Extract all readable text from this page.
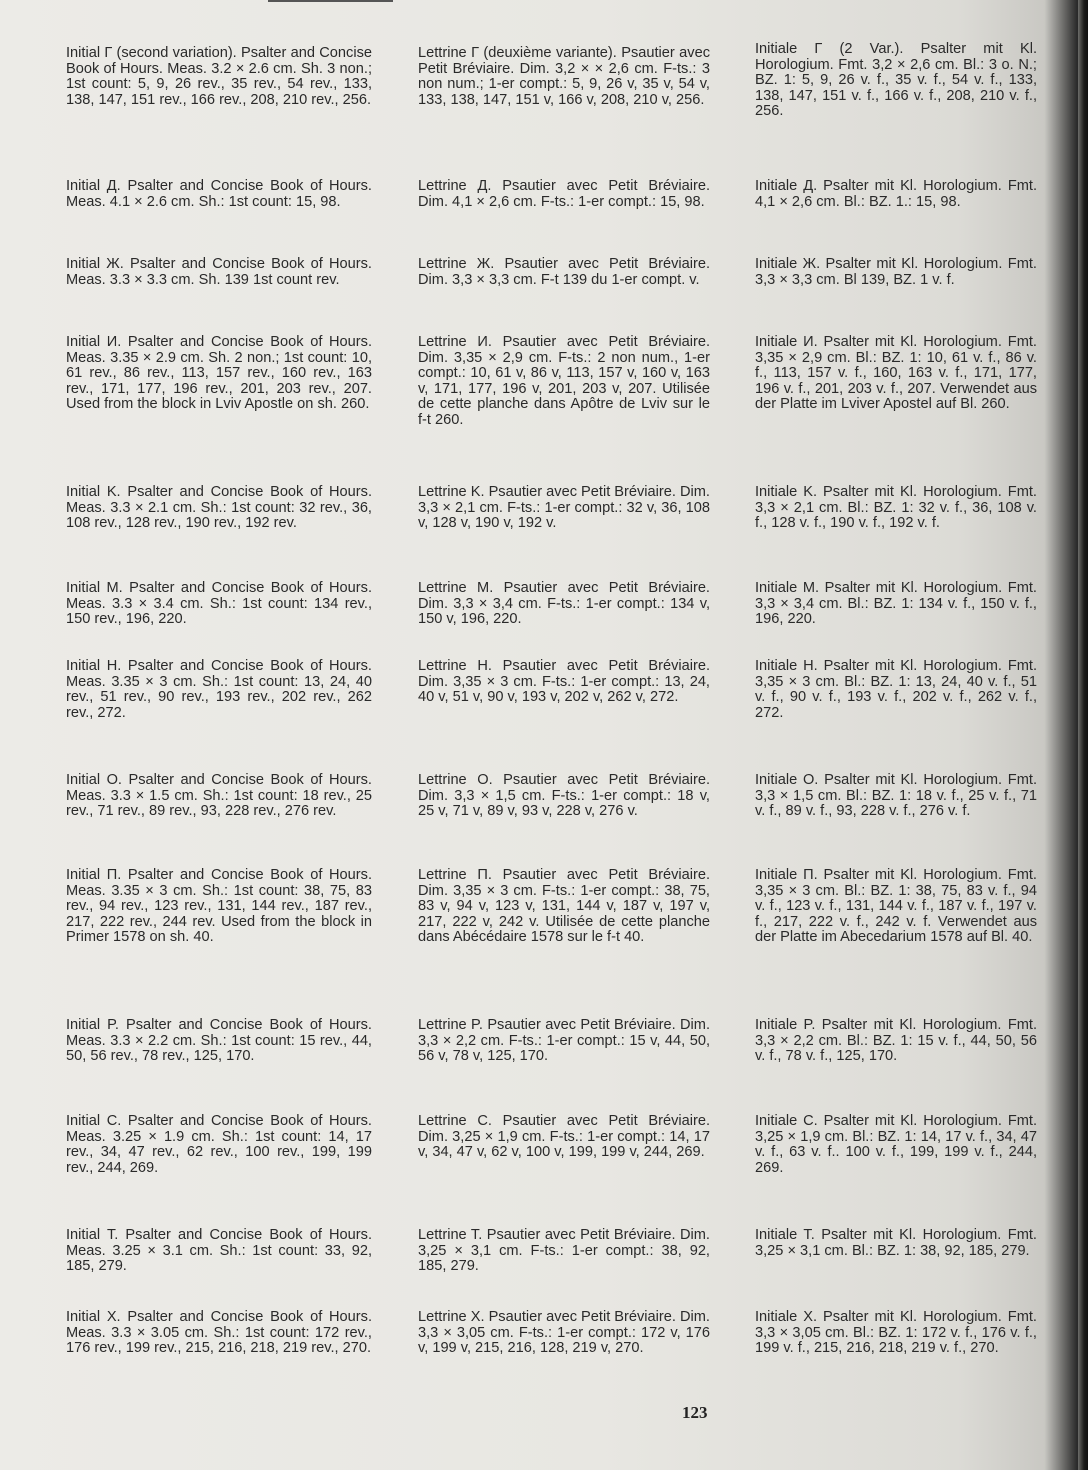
Initial Г (second variation). Psalter and Concise Book of Hours. Meas. 3.2 × 2.6 cm. Sh. 3 non.; 1st count: 5, 9, 26 rev., 35 rev., 54 rev., 133, 138, 147, 151 rev., 166 rev., 208, 210 rev., 256.

Initial Д. Psalter and Concise Book of Hours. Meas. 4.1 × 2.6 cm. Sh.: 1st count: 15, 98.

Initial Ж. Psalter and Concise Book of Hours. Meas. 3.3 × 3.3 cm. Sh. 139 1st count rev.

Initial И. Psalter and Concise Book of Hours. Meas. 3.35 × 2.9 cm. Sh. 2 non.; 1st count: 10, 61 rev., 86 rev., 113, 157 rev., 160 rev., 163 rev., 171, 177, 196 rev., 201, 203 rev., 207. Used from the block in Lviv Apostle on sh. 260.

Initial K. Psalter and Concise Book of Hours. Meas. 3.3 × 2.1 cm. Sh.: 1st count: 32 rev., 36, 108 rev., 128 rev., 190 rev., 192 rev.

Initial M. Psalter and Concise Book of Hours. Meas. 3.3 × 3.4 cm. Sh.: 1st count: 134 rev., 150 rev., 196, 220.

Initial H. Psalter and Concise Book of Hours. Meas. 3.35 × 3 cm. Sh.: 1st count: 13, 24, 40 rev., 51 rev., 90 rev., 193 rev., 202 rev., 262 rev., 272.

Initial O. Psalter and Concise Book of Hours. Meas. 3.3 × 1.5 cm. Sh.: 1st count: 18 rev., 25 rev., 71 rev., 89 rev., 93, 228 rev., 276 rev.

Initial П. Psalter and Concise Book of Hours. Meas. 3.35 × 3 cm. Sh.: 1st count: 38, 75, 83 rev., 94 rev., 123 rev., 131, 144 rev., 187 rev., 217, 222 rev., 244 rev. Used from the block in Primer 1578 on sh. 40.

Initial P. Psalter and Concise Book of Hours. Meas. 3.3 × 2.2 cm. Sh.: 1st count: 15 rev., 44, 50, 56 rev., 78 rev., 125, 170.

Initial C. Psalter and Concise Book of Hours. Meas. 3.25 × 1.9 cm. Sh.: 1st count: 14, 17 rev., 34, 47 rev., 62 rev., 100 rev., 199, 199 rev., 244, 269.

Initial T. Psalter and Concise Book of Hours. Meas. 3.25 × 3.1 cm. Sh.: 1st count: 33, 92, 185, 279.

Initial X. Psalter and Concise Book of Hours. Meas. 3.3 × 3.05 cm. Sh.: 1st count: 172 rev., 176 rev., 199 rev., 215, 216, 218, 219 rev., 270.

Lettrine Г (deuxième variante). Psautier avec Petit Bréviaire. Dim. 3,2 × × 2,6 cm. F-ts.: 3 non num.; 1-er compt.: 5, 9, 26 v, 35 v, 54 v, 133, 138, 147, 151 v, 166 v, 208, 210 v, 256.

Lettrine Д. Psautier avec Petit Bréviaire. Dim. 4,1 × 2,6 cm. F-ts.: 1-er compt.: 15, 98.

Lettrine Ж. Psautier avec Petit Bréviaire. Dim. 3,3 × 3,3 cm. F-t 139 du 1-er compt. v.

Lettrine И. Psautier avec Petit Bréviaire. Dim. 3,35 × 2,9 cm. F-ts.: 2 non num., 1-er compt.: 10, 61 v, 86 v, 113, 157 v, 160 v, 163 v, 171, 177, 196 v, 201, 203 v, 207. Utilisée de cette planche dans Apôtre de Lviv sur le f-t 260.

Lettrine K. Psautier avec Petit Bréviaire. Dim. 3,3 × 2,1 cm. F-ts.: 1-er compt.: 32 v, 36, 108 v, 128 v, 190 v, 192 v.

Lettrine M. Psautier avec Petit Bréviaire. Dim. 3,3 × 3,4 cm. F-ts.: 1-er compt.: 134 v, 150 v, 196, 220.

Lettrine H. Psautier avec Petit Bréviaire. Dim. 3,35 × 3 cm. F-ts.: 1-er compt.: 13, 24, 40 v, 51 v, 90 v, 193 v, 202 v, 262 v, 272.

Lettrine O. Psautier avec Petit Bréviaire. Dim. 3,3 × 1,5 cm. F-ts.: 1-er compt.: 18 v, 25 v, 71 v, 89 v, 93 v, 228 v, 276 v.

Lettrine П. Psautier avec Petit Bréviaire. Dim. 3,35 × 3 cm. F-ts.: 1-er compt.: 38, 75, 83 v, 94 v, 123 v, 131, 144 v, 187 v, 197 v, 217, 222 v, 242 v. Utilisée de cette planche dans Abécédaire 1578 sur le f-t 40.

Lettrine P. Psautier avec Petit Bréviaire. Dim. 3,3 × 2,2 cm. F-ts.: 1-er compt.: 15 v, 44, 50, 56 v, 78 v, 125, 170.

Lettrine C. Psautier avec Petit Bréviaire. Dim. 3,25 × 1,9 cm. F-ts.: 1-er compt.: 14, 17 v, 34, 47 v, 62 v, 100 v, 199, 199 v, 244, 269.

Lettrine T. Psautier avec Petit Bréviaire. Dim. 3,25 × 3,1 cm. F-ts.: 1-er compt.: 38, 92, 185, 279.

Lettrine X. Psautier avec Petit Bréviaire. Dim. 3,3 × 3,05 cm. F-ts.: 1-er compt.: 172 v, 176 v, 199 v, 215, 216, 128, 219 v, 270.

Initiale Г (2 Var.). Psalter mit Kl. Horologium. Fmt. 3,2 × 2,6 cm. Bl.: 3 o. N.; BZ. 1: 5, 9, 26 v. f., 35 v. f., 54 v. f., 133, 138, 147, 151 v. f., 166 v. f., 208, 210 v. f., 256.

Initiale Д. Psalter mit Kl. Horologium. Fmt. 4,1 × 2,6 cm. Bl.: BZ. 1.: 15, 98.

Initiale Ж. Psalter mit Kl. Horologium. Fmt. 3,3 × 3,3 cm. Bl 139, BZ. 1 v. f.

Initiale И. Psalter mit Kl. Horologium. Fmt. 3,35 × 2,9 cm. Bl.: BZ. 1: 10, 61 v. f., 86 v. f., 113, 157 v. f., 160, 163 v. f., 171, 177, 196 v. f., 201, 203 v. f., 207. Verwendet aus der Platte im Lviver Apostel auf Bl. 260.

Initiale K. Psalter mit Kl. Horologium. Fmt. 3,3 × 2,1 cm. Bl.: BZ. 1: 32 v. f., 36, 108 v. f., 128 v. f., 190 v. f., 192 v. f.

Initiale M. Psalter mit Kl. Horologium. Fmt. 3,3 × 3,4 cm. Bl.: BZ. 1: 134 v. f., 150 v. f., 196, 220.

Initiale H. Psalter mit Kl. Horologium. Fmt. 3,35 × 3 cm. Bl.: BZ. 1: 13, 24, 40 v. f., 51 v. f., 90 v. f., 193 v. f., 202 v. f., 262 v. f., 272.

Initiale O. Psalter mit Kl. Horologium. Fmt. 3,3 × 1,5 cm. Bl.: BZ. 1: 18 v. f., 25 v. f., 71 v. f., 89 v. f., 93, 228 v. f., 276 v. f.

Initiale П. Psalter mit Kl. Horologium. Fmt. 3,35 × 3 cm. Bl.: BZ. 1: 38, 75, 83 v. f., 94 v. f., 123 v. f., 131, 144 v. f., 187 v. f., 197 v. f., 217, 222 v. f., 242 v. f. Verwendet aus der Platte im Abecedarium 1578 auf Bl. 40.

Initiale P. Psalter mit Kl. Horologium. Fmt. 3,3 × 2,2 cm. Bl.: BZ. 1: 15 v. f., 44, 50, 56 v. f., 78 v. f., 125, 170.

Initiale C. Psalter mit Kl. Horologium. Fmt. 3,25 × 1,9 cm. Bl.: BZ. 1: 14, 17 v. f., 34, 47 v. f., 63 v. f.. 100 v. f., 199, 199 v. f., 244, 269.

Initiale T. Psalter mit Kl. Horologium. Fmt. 3,25 × 3,1 cm. Bl.: BZ. 1: 38, 92, 185, 279.

Initiale X. Psalter mit Kl. Horologium. Fmt. 3,3 × 3,05 cm. Bl.: BZ. 1: 172 v. f., 176 v. f., 199 v. f., 215, 216, 218, 219 v. f., 270.

123
